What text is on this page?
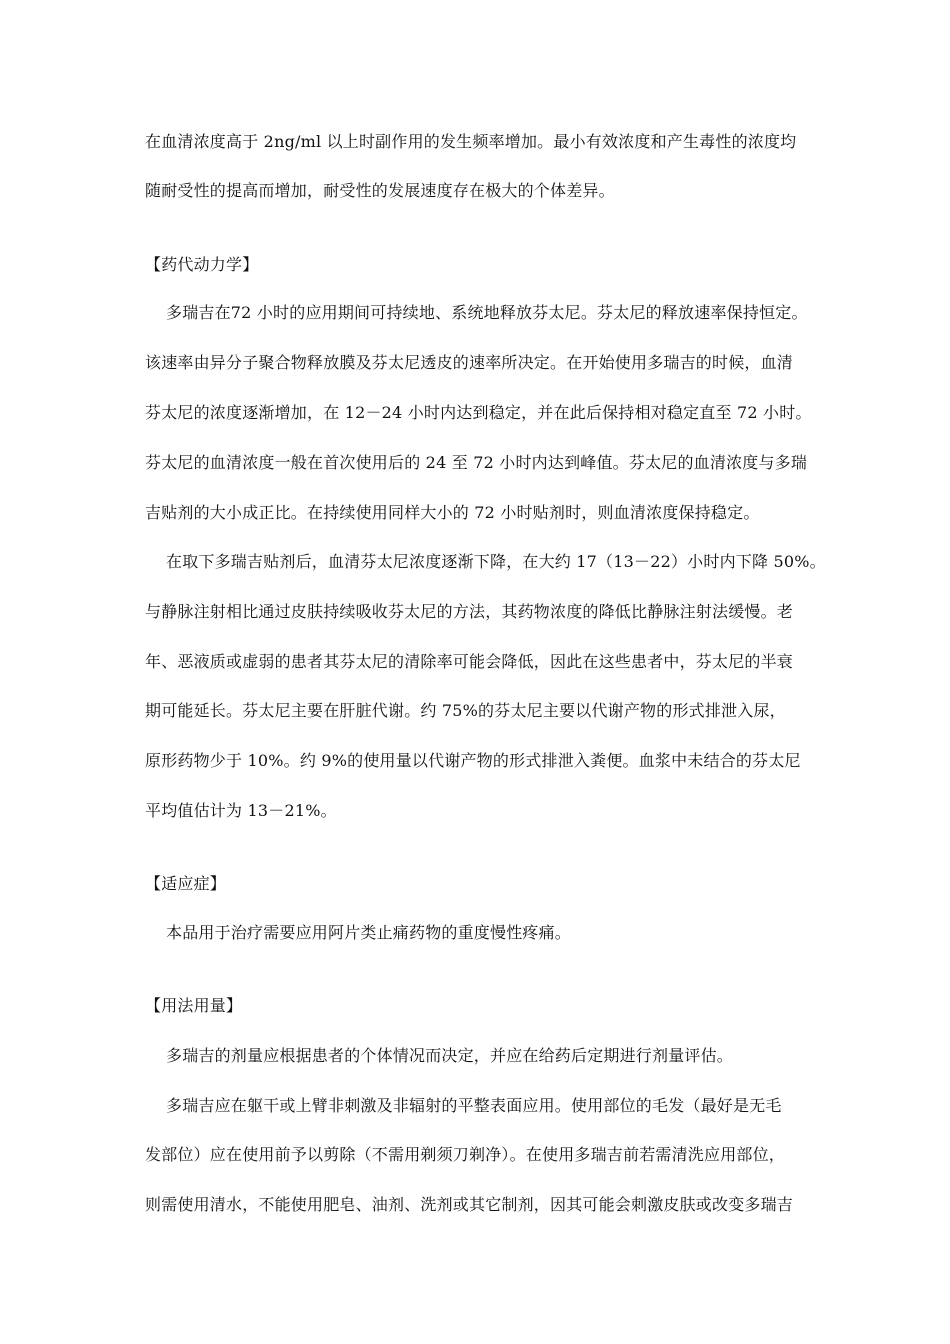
在血清浓度高于 2ng/ml 以上时副作用的发生频率增加。最小有效浓度和产生毒性的浓度均
随耐受性的提高而增加，耐受性的发展速度存在极大的个体差异。
【药代动力学】
多瑞吉在72 小时的应用期间可持续地、系统地释放芬太尼。芬太尼的释放速率保持恒定。
该速率由异分子聚合物释放膜及芬太尼透皮的速率所决定。在开始使用多瑞吉的时候，血清
芬太尼的浓度逐渐增加，在 12－24 小时内达到稳定，并在此后保持相对稳定直至 72 小时。
芬太尼的血清浓度一般在首次使用后的 24 至 72 小时内达到峰值。芬太尼的血清浓度与多瑞
吉贴剂的大小成正比。在持续使用同样大小的 72 小时贴剂时，则血清浓度保持稳定。
在取下多瑞吉贴剂后，血清芬太尼浓度逐渐下降，在大约 17（13－22）小时内下降 50%。
与静脉注射相比通过皮肤持续吸收芬太尼的方法，其药物浓度的降低比静脉注射法缓慢。老
年、恶液质或虚弱的患者其芬太尼的清除率可能会降低，因此在这些患者中，芬太尼的半衰
期可能延长。芬太尼主要在肝脏代谢。约 75%的芬太尼主要以代谢产物的形式排泄入尿，
原形药物少于 10%。约 9%的使用量以代谢产物的形式排泄入粪便。血浆中未结合的芬太尼
平均值估计为 13－21%。
【适应症】
本品用于治疗需要应用阿片类止痛药物的重度慢性疼痛。
【用法用量】
多瑞吉的剂量应根据患者的个体情况而决定，并应在给药后定期进行剂量评估。
多瑞吉应在躯干或上臂非刺激及非辐射的平整表面应用。使用部位的毛发（最好是无毛
发部位）应在使用前予以剪除（不需用剃须刀剃净）。在使用多瑞吉前若需清洗应用部位，
则需使用清水，不能使用肥皂、油剂、洗剂或其它制剂，因其可能会刺激皮肤或改变多瑞吉
